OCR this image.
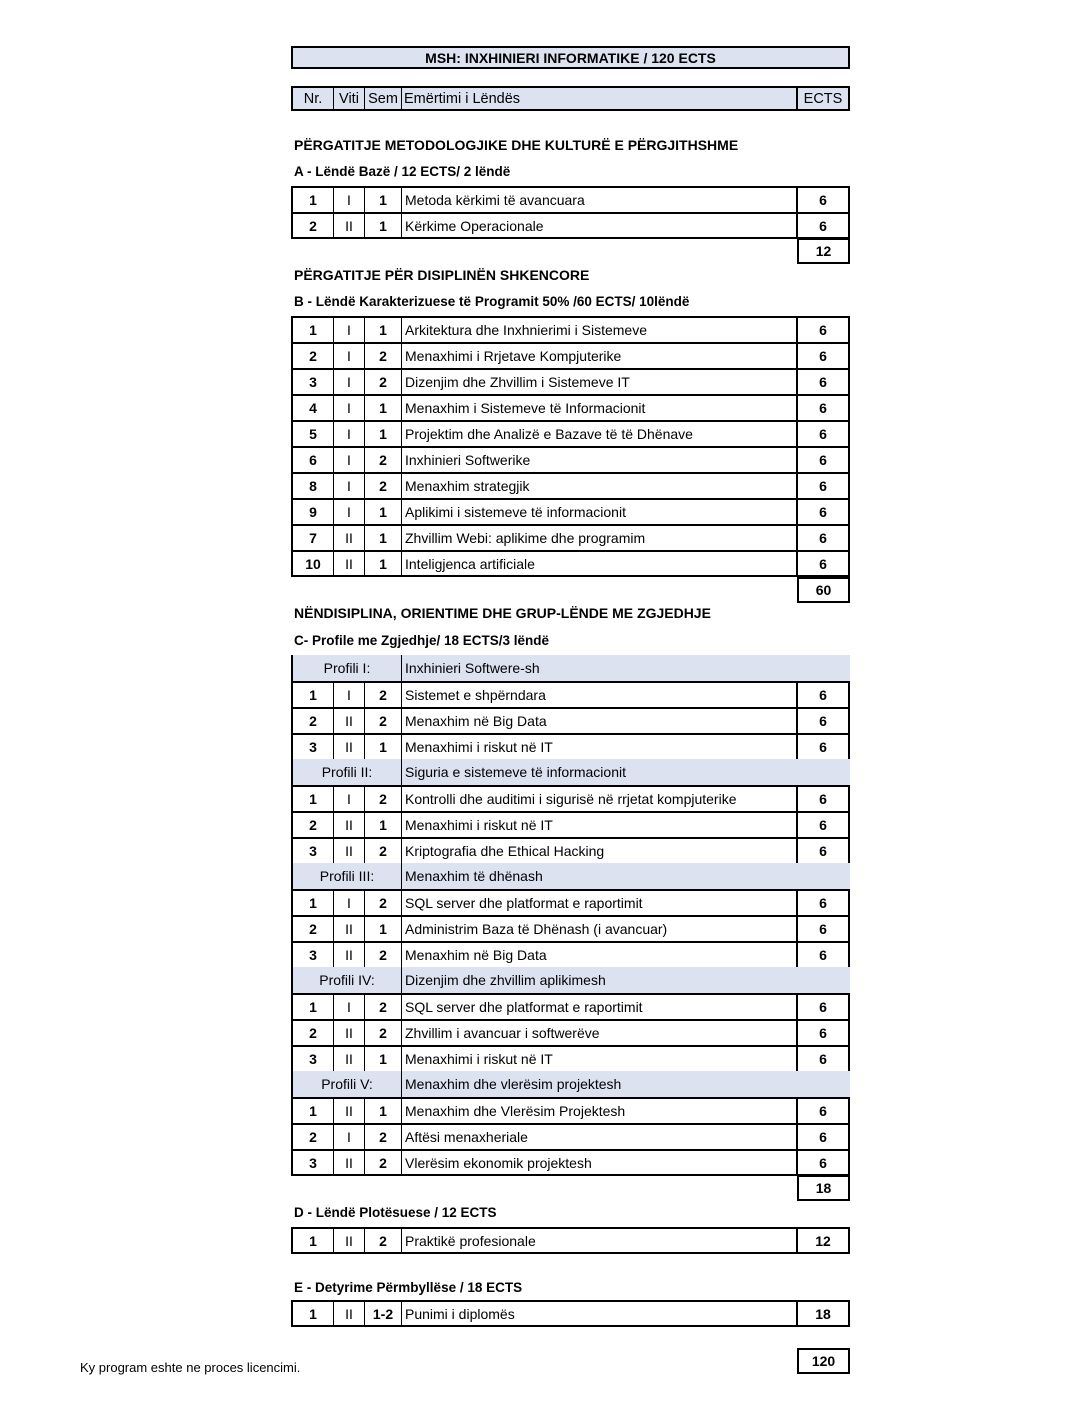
MSH: INXHINIERI INFORMATIKE / 120 ECTS
Nr.	Viti Sem Emërtimi i Lëndës	ECTS
PËRGATITJE METODOLOGJIKE DHE KULTURË E PËRGJITHSHME
A - Lëndë Bazë / 12 ECTS/ 2 lëndë
1	I	1	Metoda kërkimi të avancuara	6
2	II	1	Kërkime Operacionale	6
12
PËRGATITJE PËR DISIPLINËN SHKENCORE
B - Lëndë Karakterizuese të Programit 50% /60 ECTS/ 10lëndë
1	I	1	Arkitektura dhe Inxhnierimi i Sistemeve	6
2	I	2	Menaxhimi i Rrjetave Kompjuterike	6
3	I	2	Dizenjim dhe Zhvillim i Sistemeve IT	6
4	I	1	Menaxhim i Sistemeve të Informacionit	6
5	I	1	Projektim dhe Analizë e Bazave të të Dhënave	6
6	I	2	Inxhinieri Softwerike	6
8	I	2	Menaxhim strategjik	6
9	I	1	Aplikimi i sistemeve të informacionit	6
7	II	1	Zhvillim Webi: aplikime dhe programim	6
10	II	1	Inteligjenca artificiale	6
60
NËNDISIPLINA, ORIENTIME DHE GRUP-LËNDE ME ZGJEDHJE
C- Profile me Zgjedhje/ 18 ECTS/3 lëndë
Profili I:	Inxhinieri Softwere-sh
1	I	2	Sistemet e shpërndara	6
2	II	2	Menaxhim në Big Data	6
3	II	1	Menaxhimi i riskut në IT	6
Profili II:	Siguria e sistemeve të informacionit
1	I	2	Kontrolli dhe auditimi i sigurisë në rrjetat kompjuterike	6
2	II	1	Menaxhimi i riskut në IT	6
3	II	2	Kriptografia dhe Ethical Hacking	6
Profili III:	Menaxhim të dhënash
1	I	2	SQL server dhe platformat e raportimit	6
2	II	1	Administrim Baza të Dhënash (i avancuar)	6
3	II	2	Menaxhim në Big Data	6
Profili IV:	Dizenjim dhe zhvillim aplikimesh
1	I	2	SQL server dhe platformat e raportimit	6
2	II	2	Zhvillim i avancuar i softwerëve	6
3	II	1	Menaxhimi i riskut në IT	6
Profili V:	Menaxhim dhe vlerësim projektesh
1	II	1	Menaxhim dhe Vlerësim Projektesh	6
2	I	2	Aftësi menaxheriale	6
3	II	2	Vlerësim ekonomik projektesh	6
18
D - Lëndë Plotësuese / 12 ECTS
1	II	2	Praktikë profesionale	12
E - Detyrime Përmbyllëse / 18 ECTS
1	II	1-2 Punimi i diplomës	18
120
Ky program eshte ne proces licencimi.
